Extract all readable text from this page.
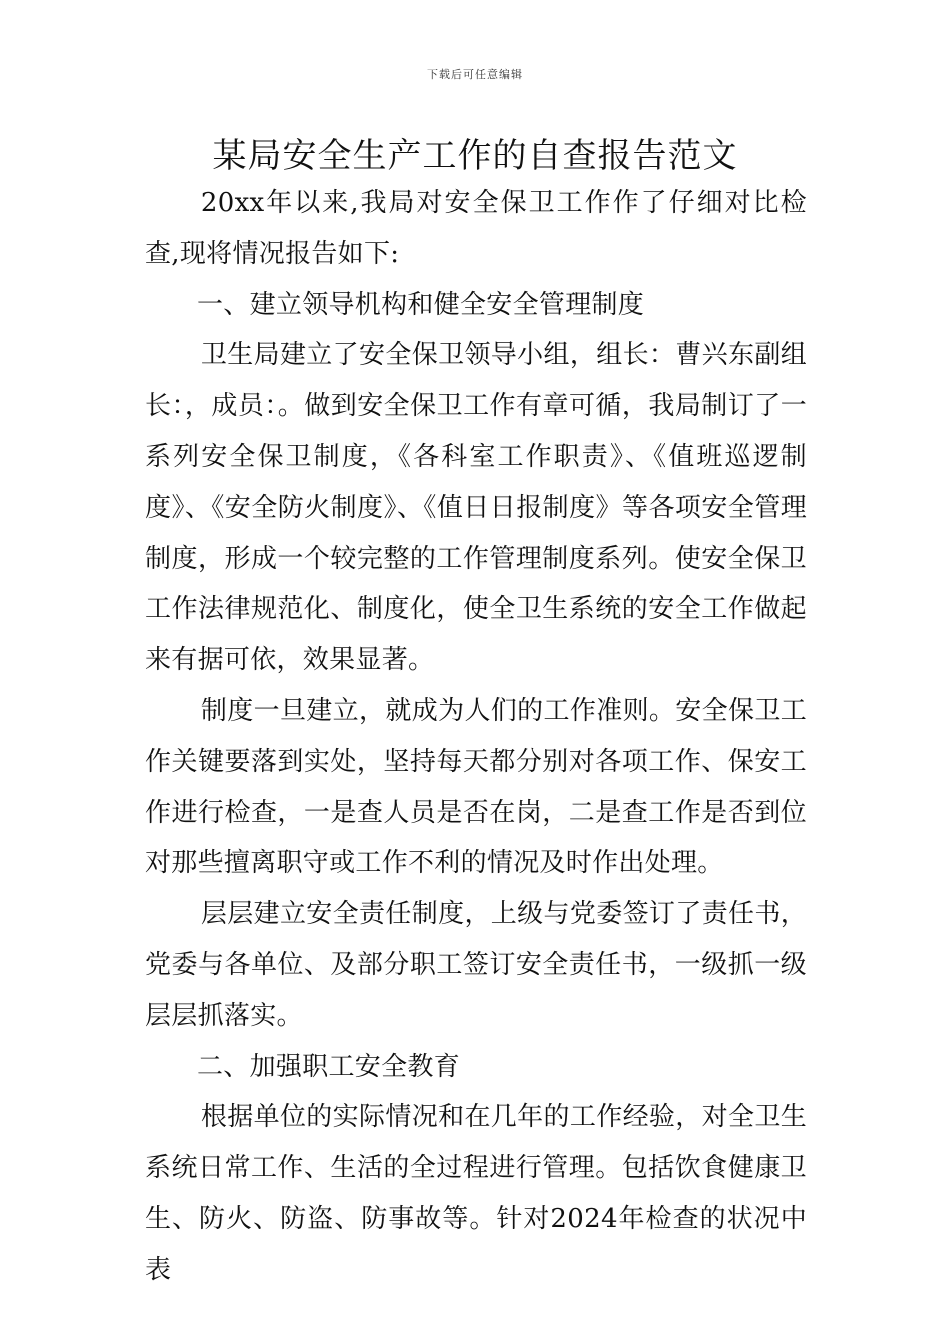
下载后可任意编辑
某局安全生产工作的自查报告范文

20xx年以来,我局对安全保卫工作作了仔细对比检查,现将情况报告如下:

一、建立领导机构和健全安全管理制度

卫生局建立了安全保卫领导小组，组长：曹兴东副组长：，成员：。做到安全保卫工作有章可循，我局制订了一系列安全保卫制度，《各科室工作职责》、《值班巡逻制度》、《安全防火制度》、《值日日报制度》等各项安全管理制度，形成一个较完整的工作管理制度系列。使安全保卫工作法律规范化、制度化，使全卫生系统的安全工作做起来有据可依，效果显著。

制度一旦建立，就成为人们的工作准则。安全保卫工作关键要落到实处，坚持每天都分别对各项工作、保安工作进行检查，一是查人员是否在岗，二是查工作是否到位对那些擅离职守或工作不利的情况及时作出处理。

层层建立安全责任制度，上级与党委签订了责任书，党委与各单位、及部分职工签订安全责任书，一级抓一级层层抓落实。

二、加强职工安全教育

根据单位的实际情况和在几年的工作经验，对全卫生系统日常工作、生活的全过程进行管理。包括饮食健康卫生、防火、防盗、防事故等。针对2024年检查的状况中表
